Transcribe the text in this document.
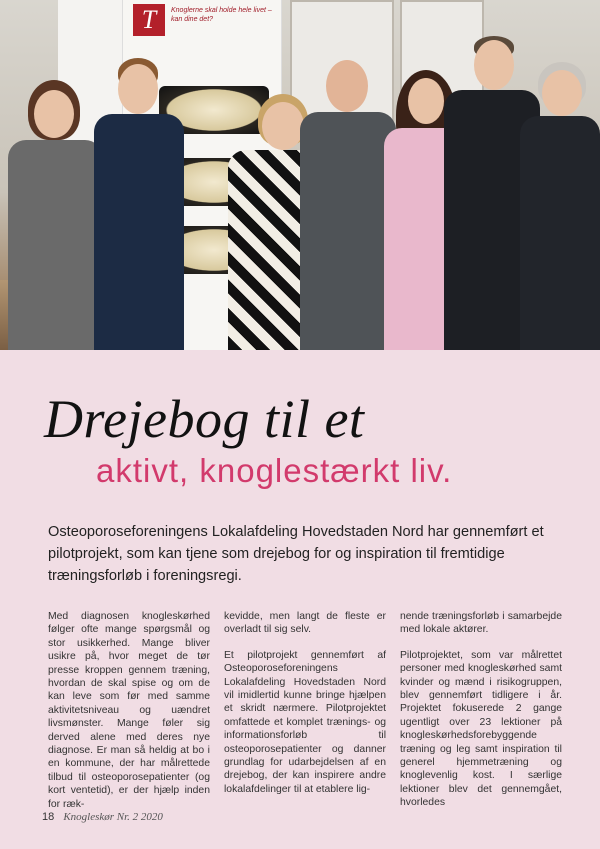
T	Knoglerne skal holde hele livet – kan dine det?
Drejebog til et
aktivt, knoglestærkt liv.

Osteoporoseforeningens Lokalafdeling Hovedstaden Nord har gennemført et pilotprojekt, som kan tjene som drejebog for og inspiration til fremtidige træningsforløb i foreningsregi.

Med diagnosen knogleskørhed følger ofte mange spørgsmål og stor usikkerhed. Mange bliver usikre på, hvor meget de tør presse kroppen gennem træning, hvordan de skal spise og om de kan leve som før med samme aktivitetsniveau og uændret livsmønster. Mange føler sig derved alene med deres nye diagnose. Er man så heldig at bo i en kommune, der har målrettede tilbud til osteoporosepatienter (og kort ventetid), er der hjælp inden for ræk-

kevidde, men langt de fleste er overladt til sig selv.

Et pilotprojekt gennemført af Osteoporoseforeningens Lokalafdeling Hovedstaden Nord vil imidlertid kunne bringe hjælpen et skridt nærmere. Pilotprojektet omfattede et komplet trænings- og informationsforløb til osteoporosepatienter og danner grundlag for udarbejdelsen af en drejebog, der kan inspirere andre lokalafdelinger til at etablere lig-

nende træningsforløb i samarbejde med lokale aktører.

Pilotprojektet, som var målrettet personer med knogleskørhed samt kvinder og mænd i risikogruppen, blev gennemført tidligere i år. Projektet fokuserede 2 gange ugentligt over 23 lektioner på knogleskørhedsforebyggende træning og leg samt inspiration til generel hjemmetræning og knoglevenlig kost. I særlige lektioner blev det gennemgået, hvorledes

18 Knogleskør Nr. 2 2020
